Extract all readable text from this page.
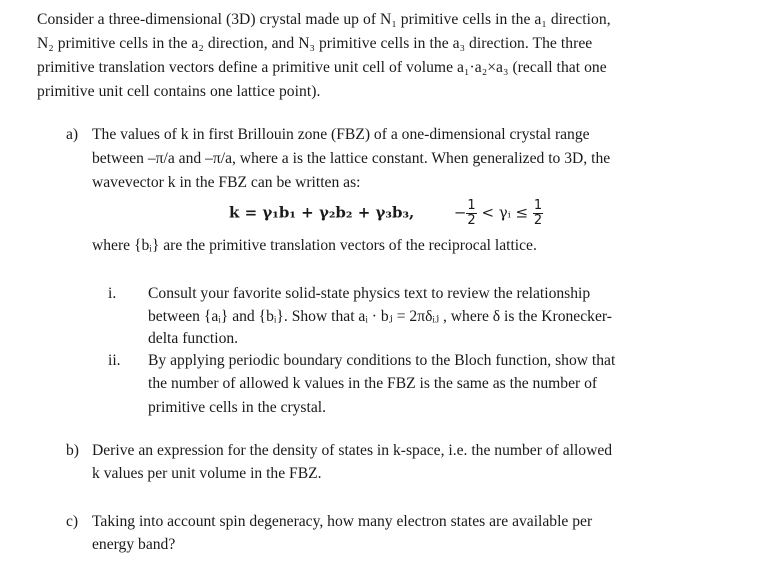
Consider a three-dimensional (3D) crystal made up of N₁ primitive cells in the a₁ direction,
N₂ primitive cells in the a₂ direction, and N₃ primitive cells in the a₃ direction. The three
primitive translation vectors define a primitive unit cell of volume a₁·a₂×a₃ (recall that one
primitive unit cell contains one lattice point).
a) The values of k in first Brillouin zone (FBZ) of a one-dimensional crystal range
between –π/a and –π/a, where a is the lattice constant. When generalized to 3D, the
wavevector k in the FBZ can be written as:
k = γ₁b₁ + γ₂b₂ + γ₃b₃,	− $\frac{1}{2}$ < γᵢ ≤ $\frac{1}{2}$
where {bᵢ} are the primitive translation vectors of the reciprocal lattice.
i. Consult your favorite solid-state physics text to review the relationship
between {aᵢ} and {bᵢ}. Show that aᵢ · bⱼ = 2πδᵢⱼ , where δ is the Kronecker-
delta function.
ii. By applying periodic boundary conditions to the Bloch function, show that
the number of allowed k values in the FBZ is the same as the number of
primitive cells in the crystal.
b) Derive an expression for the density of states in k-space, i.e. the number of allowed
k values per unit volume in the FBZ.
c) Taking into account spin degeneracy, how many electron states are available per
energy band?
